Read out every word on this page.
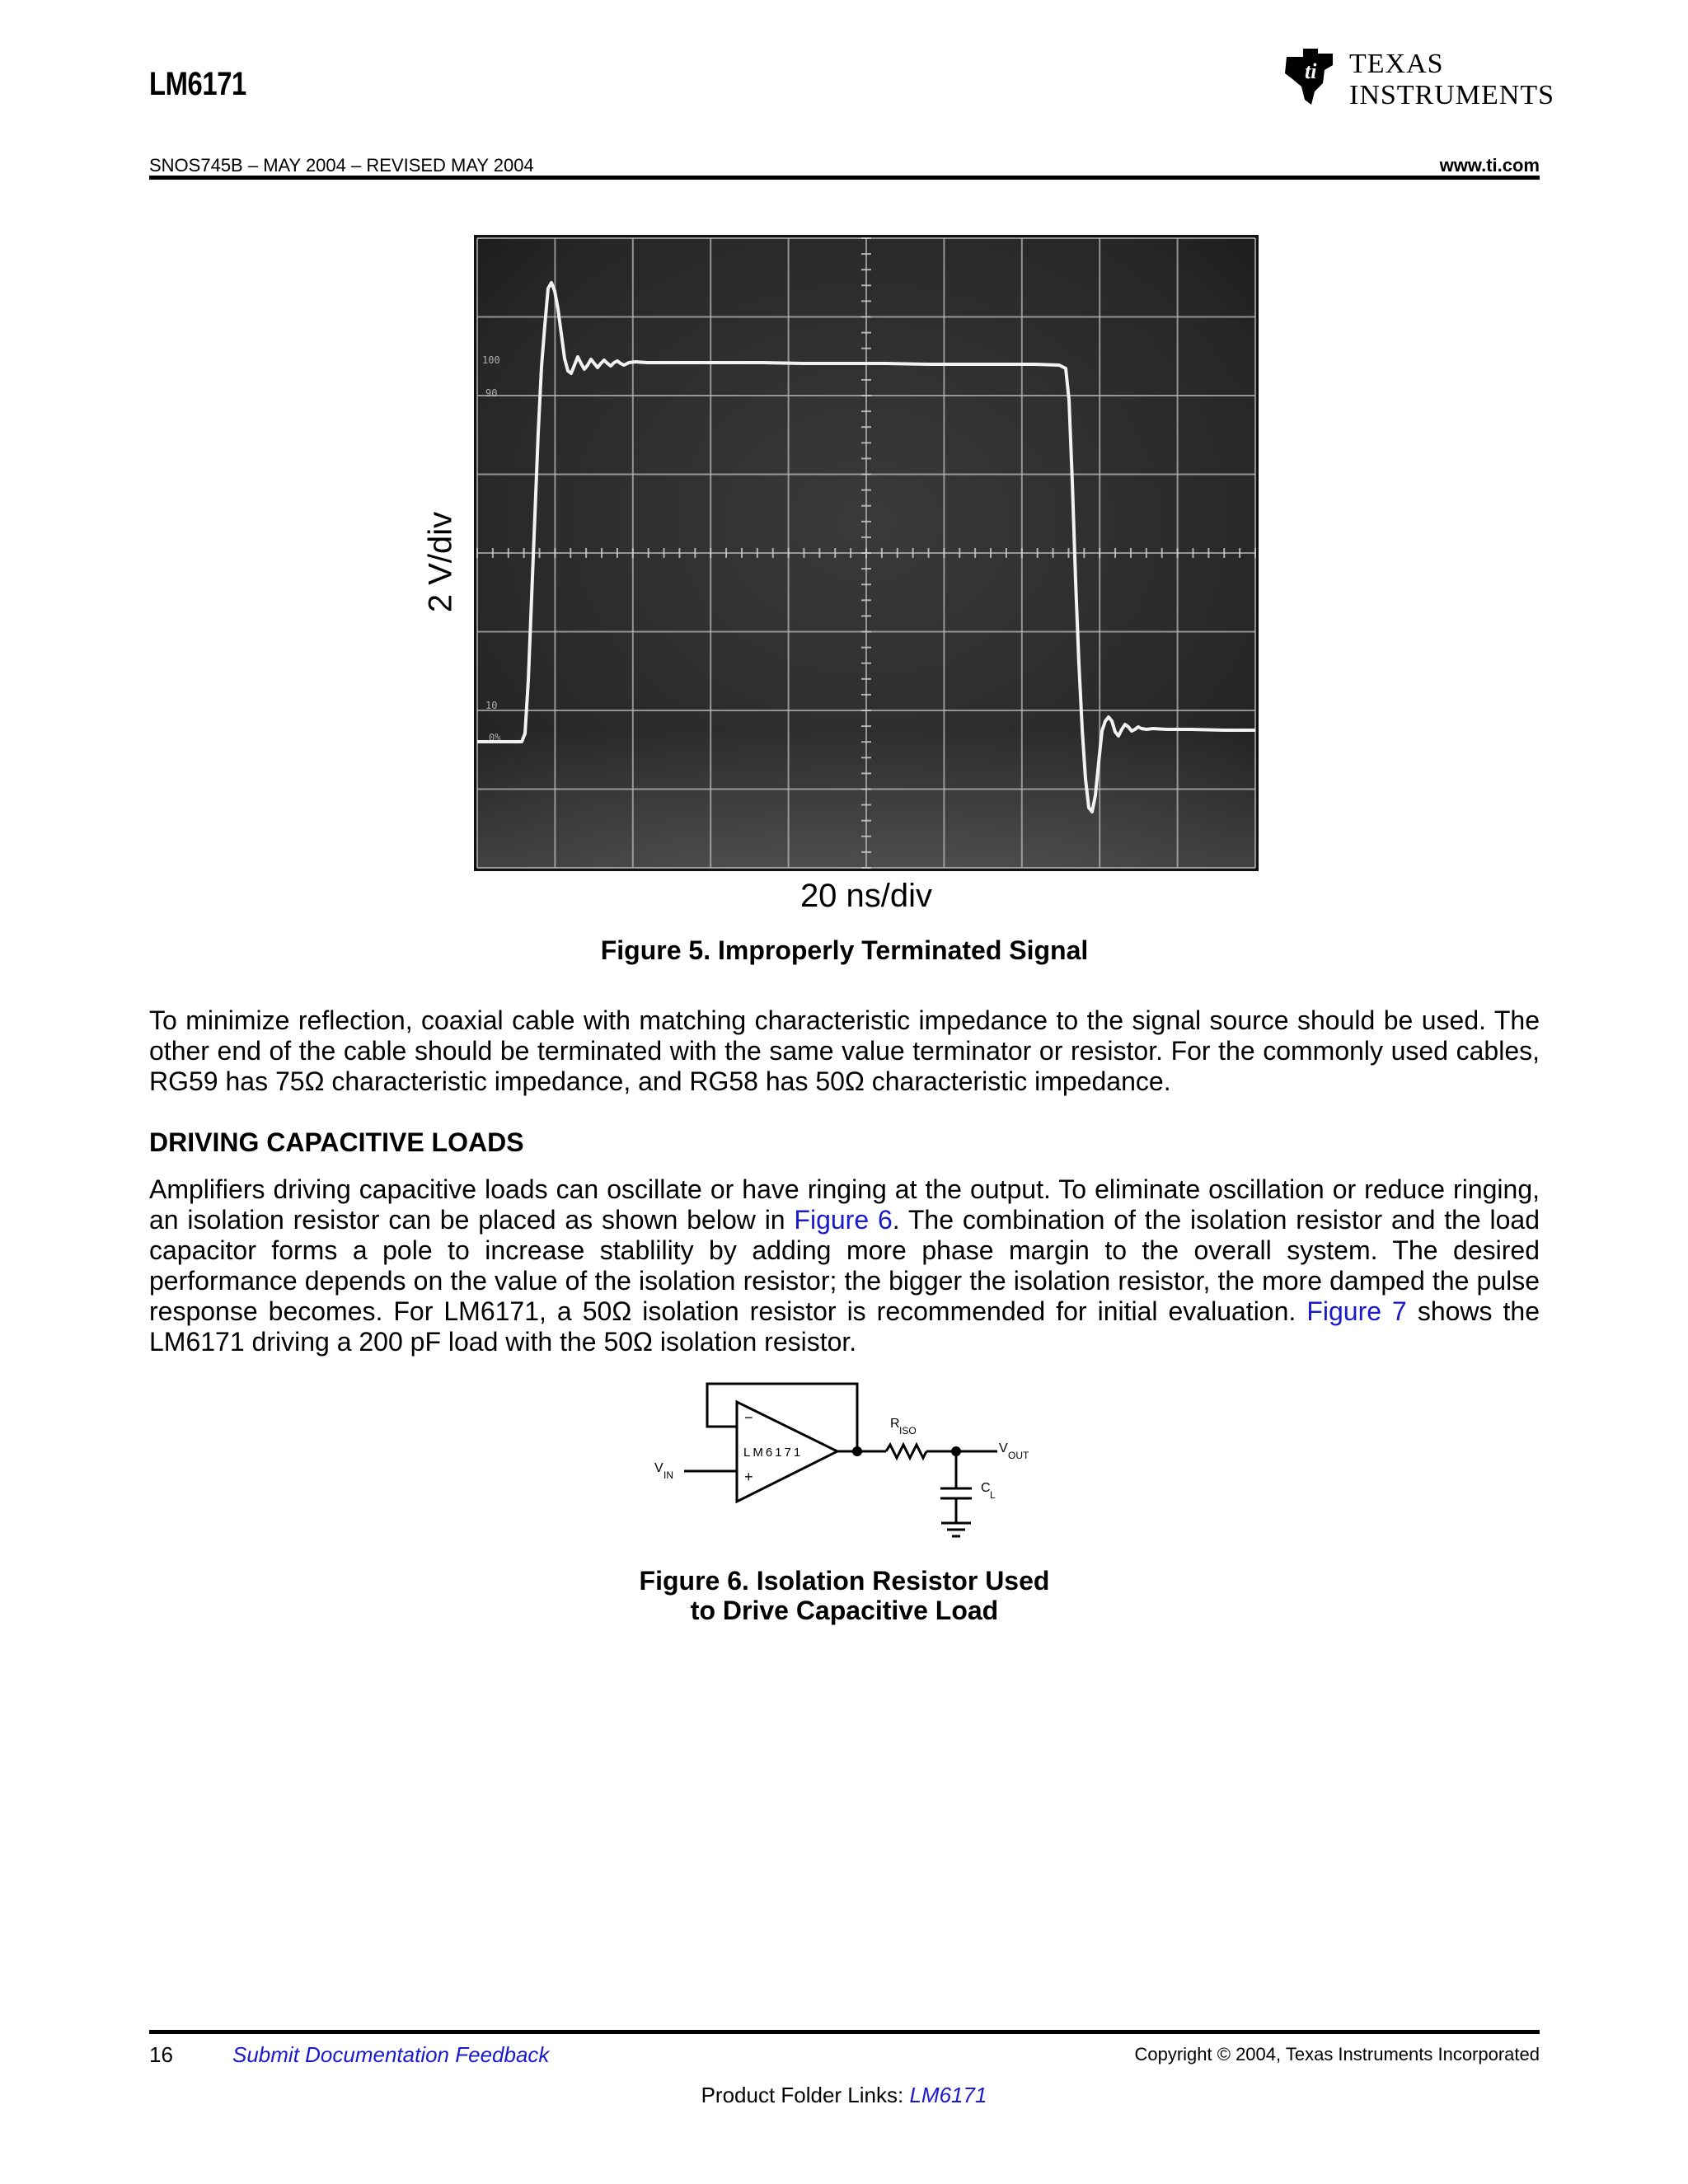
LM6171	ti TEXAS
INSTRUMENTS
SNOS745B – MAY 2004 – REVISED MAY 2004	www.ti.com
2 V/div
100
90
10
0%
20 ns/div
Figure 5. Improperly Terminated Signal
To minimize reflection, coaxial cable with matching characteristic impedance to the signal source should be used. The other end of the cable should be terminated with the same value terminator or resistor. For the commonly used cables, RG59 has 75Ω characteristic impedance, and RG58 has 50Ω characteristic impedance.
DRIVING CAPACITIVE LOADS
Amplifiers driving capacitive loads can oscillate or have ringing at the output. To eliminate oscillation or reduce ringing, an isolation resistor can be placed as shown below in Figure 6. The combination of the isolation resistor and the load capacitor forms a pole to increase stablility by adding more phase margin to the overall system. The desired performance depends on the value of the isolation resistor; the bigger the isolation resistor, the more damped the pulse response becomes. For LM6171, a 50Ω isolation resistor is recommended for initial evaluation. Figure 7 shows the LM6171 driving a 200 pF load with the 50Ω isolation resistor.
−
+
LM6171
V IN
R ISO
V OUT
C L
Figure 6. Isolation Resistor Used
to Drive Capacitive Load
16	Submit Documentation Feedback	Copyright © 2004, Texas Instruments Incorporated
Product Folder Links: LM6171
